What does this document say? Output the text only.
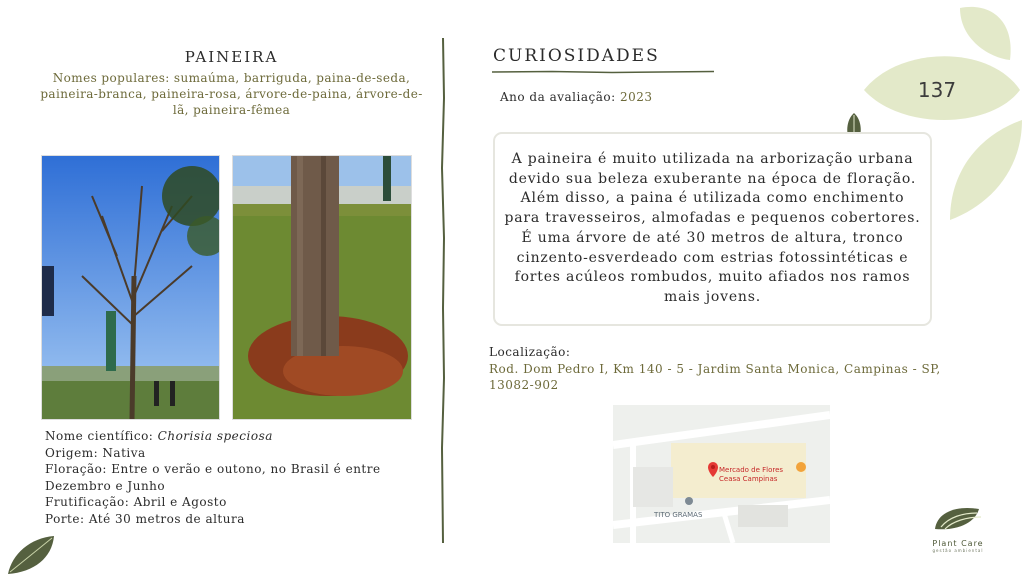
137
PAINEIRA
Nomes populares: sumaúma, barriguda, paina-de-seda, paineira-branca, paineira-rosa, árvore-de-paina, árvore-de-lã, paineira-fêmea
Nome científico: Chorisia speciosa
Origem: Nativa
Floração: Entre o verão e outono, no Brasil é entre Dezembro e Junho
Frutificação: Abril e Agosto
Porte: Até 30 metros de altura
CURIOSIDADES
Ano da avaliação: 2023
A paineira é muito utilizada na arborização urbana devido sua beleza exuberante na época de floração. Além disso, a paina é utilizada como enchimento para travesseiros, almofadas e pequenos cobertores. É uma árvore de até 30 metros de altura, tronco cinzento-esverdeado com estrias fotossintéticas e fortes acúleos rombudos, muito afiados nos ramos mais jovens.
Localização:
Rod. Dom Pedro I, Km 140 - 5 - Jardim Santa Monica, Campinas - SP, 13082-902
Mercado de Flores
Ceasa Campinas
TITO GRAMAS
Plant Care
gestão ambiental
